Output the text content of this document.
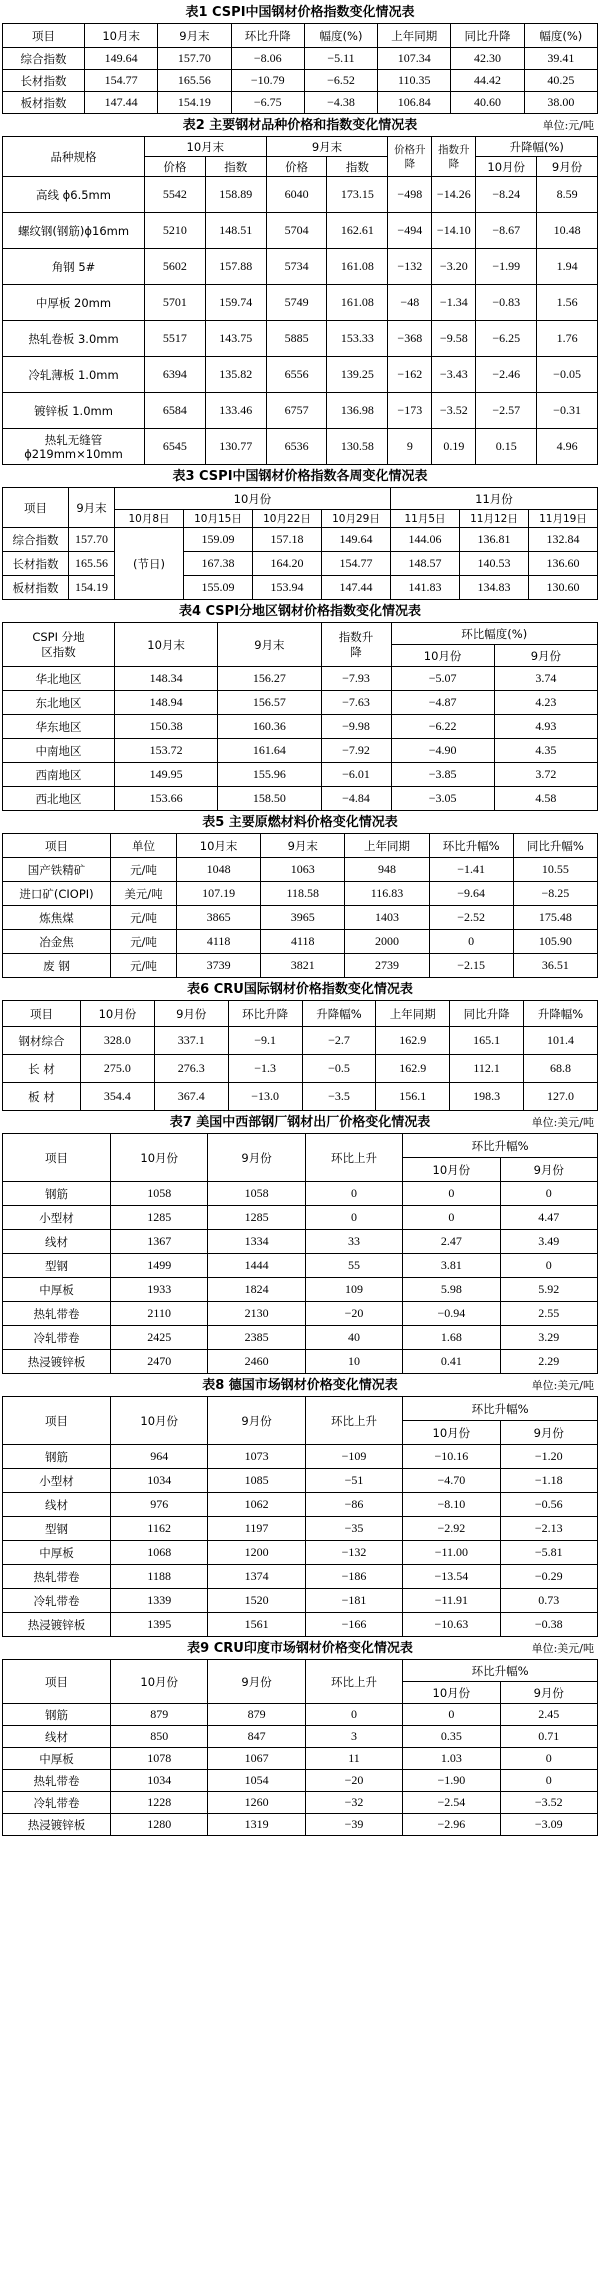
表1 CSPI中国钢材价格指数变化情况表
项目	10月末	9月末	环比升降	幅度(%)	上年同期	同比升降	幅度(%)
综合指数	149.64	157.70	−8.06	−5.11	107.34	42.30	39.41
长材指数	154.77	165.56	−10.79	−6.52	110.35	44.42	40.25
板材指数	147.44	154.19	−6.75	−4.38	106.84	40.60	38.00
表2 主要钢材品种价格和指数变化情况表	单位:元/吨
品种规格	10月末		9月末		价格升降	指数升降	升降幅(%)	
	价格	指数	价格	指数			10月份	9月份
高线 ϕ6.5mm	5542	158.89	6040	173.15	−498	−14.26	−8.24	8.59
螺纹钢(钢筋)ϕ16mm	5210	148.51	5704	162.61	−494	−14.10	−8.67	10.48
角钢 5#	5602	157.88	5734	161.08	−132	−3.20	−1.99	1.94
中厚板 20mm	5701	159.74	5749	161.08	−48	−1.34	−0.83	1.56
热轧卷板 3.0mm	5517	143.75	5885	153.33	−368	−9.58	−6.25	1.76
冷轧薄板 1.0mm	6394	135.82	6556	139.25	−162	−3.43	−2.46	−0.05
镀锌板 1.0mm	6584	133.46	6757	136.98	−173	−3.52	−2.57	−0.31
热轧无缝管 ϕ219mm×10mm	6545	130.77	6536	130.58	9	0.19	0.15	4.96
表3 CSPI中国钢材价格指数各周变化情况表
项目	9月末	10月份				11月份		
		10月8日	10月15日	10月22日	10月29日	11月5日	11月12日	11月19日
综合指数	157.70	(节日)	159.09	157.18	149.64	144.06	136.81	132.84
长材指数	165.56		167.38	164.20	154.77	148.57	140.53	136.60
板材指数	154.19		155.09	153.94	147.44	141.83	134.83	130.60
表4 CSPI分地区钢材价格指数变化情况表
CSPI 分地区指数	10月末	9月末	指数升降	环比幅度(%)	
				10月份	9月份
华北地区	148.34	156.27	−7.93	−5.07	3.74
东北地区	148.94	156.57	−7.63	−4.87	4.23
华东地区	150.38	160.36	−9.98	−6.22	4.93
中南地区	153.72	161.64	−7.92	−4.90	4.35
西南地区	149.95	155.96	−6.01	−3.85	3.72
西北地区	153.66	158.50	−4.84	−3.05	4.58
表5 主要原燃材料价格变化情况表
项目	单位	10月末	9月末	上年同期	环比升幅%	同比升幅%
国产铁精矿	元/吨	1048	1063	948	−1.41	10.55
进口矿(CIOPI)	美元/吨	107.19	118.58	116.83	−9.64	−8.25
炼焦煤	元/吨	3865	3965	1403	−2.52	175.48
冶金焦	元/吨	4118	4118	2000	0	105.90
废 钢	元/吨	3739	3821	2739	−2.15	36.51
表6 CRU国际钢材价格指数变化情况表
项目	10月份	9月份	环比升降	升降幅%	上年同期	同比升降	升降幅%
钢材综合	328.0	337.1	−9.1	−2.7	162.9	165.1	101.4
长 材	275.0	276.3	−1.3	−0.5	162.9	112.1	68.8
板 材	354.4	367.4	−13.0	−3.5	156.1	198.3	127.0
表7 美国中西部钢厂钢材出厂价格变化情况表	单位:美元/吨
项目	10月份	9月份	环比上升	环比升幅%	
				10月份	9月份
钢筋	1058	1058	0	0	0
小型材	1285	1285	0	0	4.47
线材	1367	1334	33	2.47	3.49
型钢	1499	1444	55	3.81	0
中厚板	1933	1824	109	5.98	5.92
热轧带卷	2110	2130	−20	−0.94	2.55
冷轧带卷	2425	2385	40	1.68	3.29
热浸镀锌板	2470	2460	10	0.41	2.29
表8 德国市场钢材价格变化情况表	单位:美元/吨
项目	10月份	9月份	环比上升	环比升幅%	
				10月份	9月份
钢筋	964	1073	−109	−10.16	−1.20
小型材	1034	1085	−51	−4.70	−1.18
线材	976	1062	−86	−8.10	−0.56
型钢	1162	1197	−35	−2.92	−2.13
中厚板	1068	1200	−132	−11.00	−5.81
热轧带卷	1188	1374	−186	−13.54	−0.29
冷轧带卷	1339	1520	−181	−11.91	0.73
热浸镀锌板	1395	1561	−166	−10.63	−0.38
表9 CRU印度市场钢材价格变化情况表	单位:美元/吨
项目	10月份	9月份	环比上升	环比升幅%	
				10月份	9月份
钢筋	879	879	0	0	2.45
线材	850	847	3	0.35	0.71
中厚板	1078	1067	11	1.03	0
热轧带卷	1034	1054	−20	−1.90	0
冷轧带卷	1228	1260	−32	−2.54	−3.52
热浸镀锌板	1280	1319	−39	−2.96	−3.09
